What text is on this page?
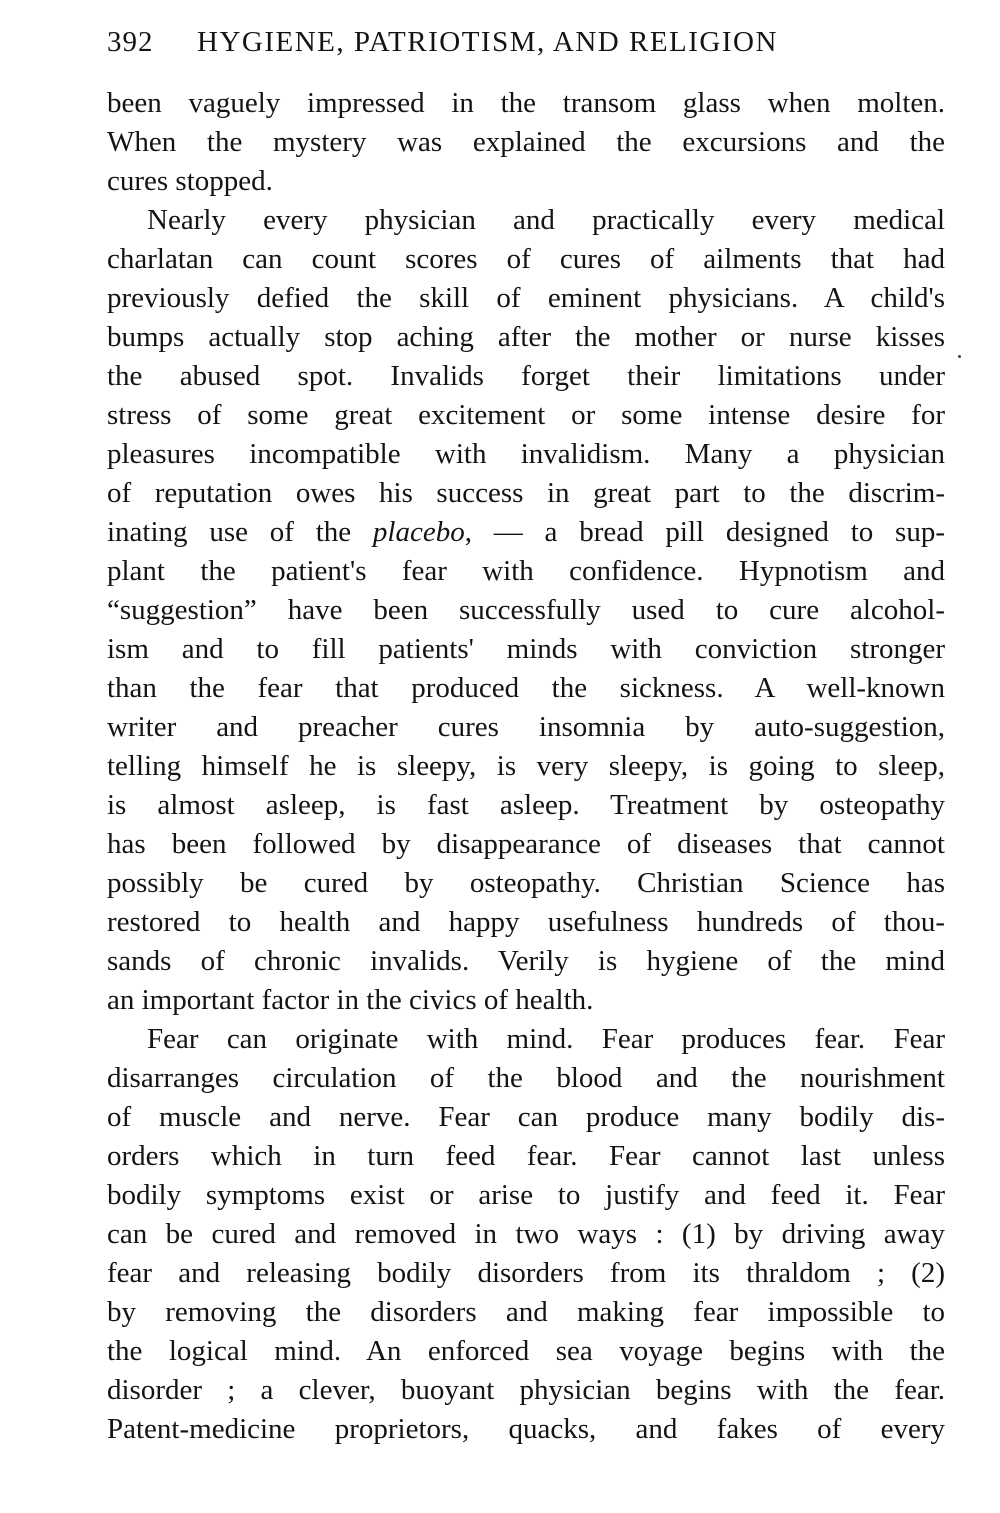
392 HYGIENE, PATRIOTISM, AND RELIGION
been vaguely impressed in the transom glass when molten.
When the mystery was explained the excursions and the
cures stopped.
Nearly every physician and practically every medical
charlatan can count scores of cures of ailments that had
previously defied the skill of eminent physicians. A child's
bumps actually stop aching after the mother or nurse kisses
the abused spot. Invalids forget their limitations under
stress of some great excitement or some intense desire for
pleasures incompatible with invalidism. Many a physician
of reputation owes his success in great part to the discrim-
inating use of the placebo, — a bread pill designed to sup-
plant the patient's fear with confidence. Hypnotism and
“suggestion” have been successfully used to cure alcohol-
ism and to fill patients' minds with conviction stronger
than the fear that produced the sickness. A well-known
writer and preacher cures insomnia by auto-suggestion,
telling himself he is sleepy, is very sleepy, is going to sleep,
is almost asleep, is fast asleep. Treatment by osteopathy
has been followed by disappearance of diseases that cannot
possibly be cured by osteopathy. Christian Science has
restored to health and happy usefulness hundreds of thou-
sands of chronic invalids. Verily is hygiene of the mind
an important factor in the civics of health.
Fear can originate with mind. Fear produces fear. Fear
disarranges circulation of the blood and the nourishment
of muscle and nerve. Fear can produce many bodily dis-
orders which in turn feed fear. Fear cannot last unless
bodily symptoms exist or arise to justify and feed it. Fear
can be cured and removed in two ways : (1) by driving away
fear and releasing bodily disorders from its thraldom ; (2)
by removing the disorders and making fear impossible to
the logical mind. An enforced sea voyage begins with the
disorder ; a clever, buoyant physician begins with the fear.
Patent-medicine proprietors, quacks, and fakes of every
